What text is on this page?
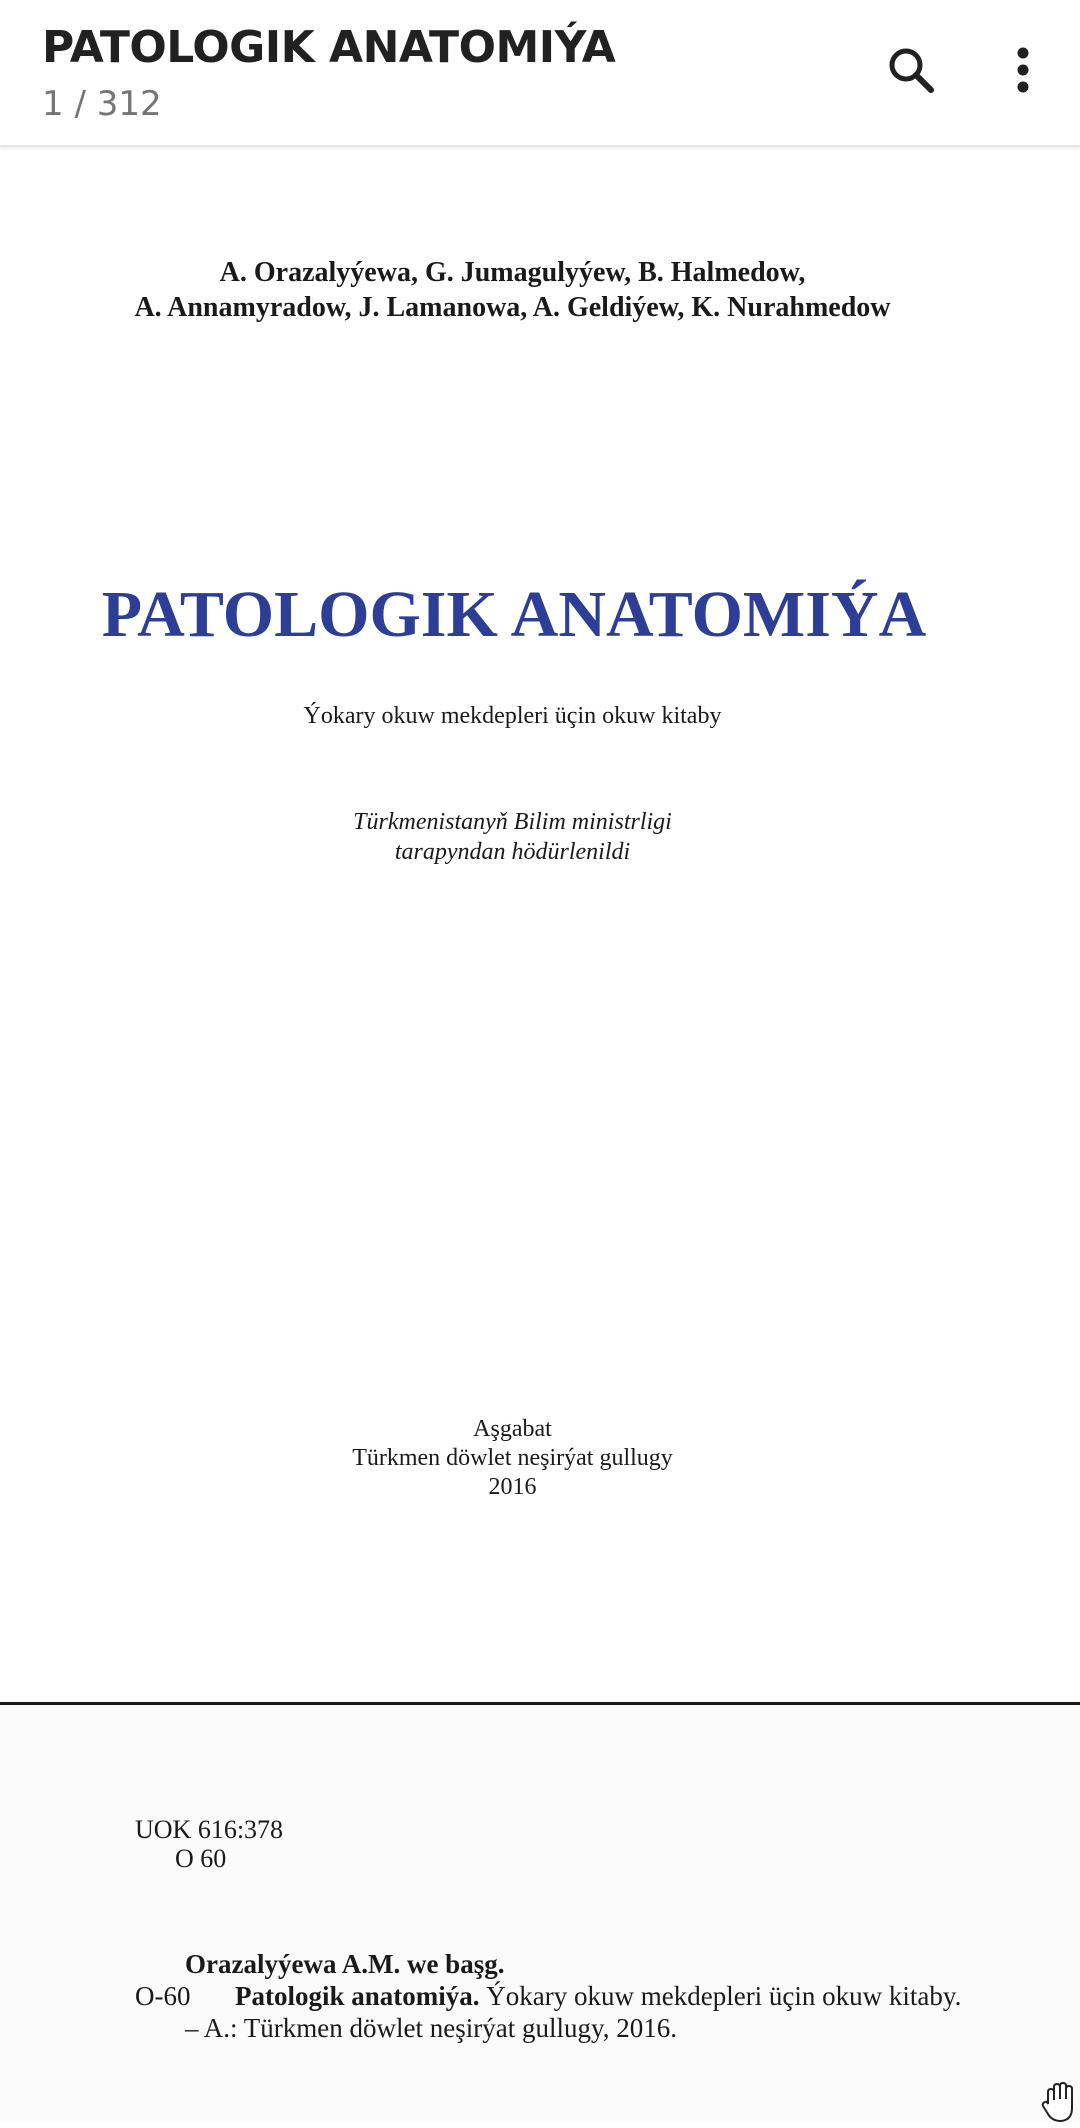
PATOLOGIK ANATOMIÝA
1 / 312
A. Orazalyýewa, G. Jumagulyýew, B. Halmedow,
A. Annamyradow, J. Lamanowa, A. Geldiýew, K. Nurahmedow
PATOLOGIK ANATOMIÝA
Ýokary okuw mekdepleri üçin okuw kitaby
Türkmenistanyň Bilim ministrligi
tarapyndan hödürlenildi
Aşgabat
Türkmen döwlet neşirýat gullugy
2016
UOK 616:378
O 60
Orazalyýewa A.M. we başg.
O-60 Patologik anatomiýa. Ýokary okuw mekdepleri üçin okuw kitaby.
– A.: Türkmen döwlet neşirýat gullugy, 2016.
